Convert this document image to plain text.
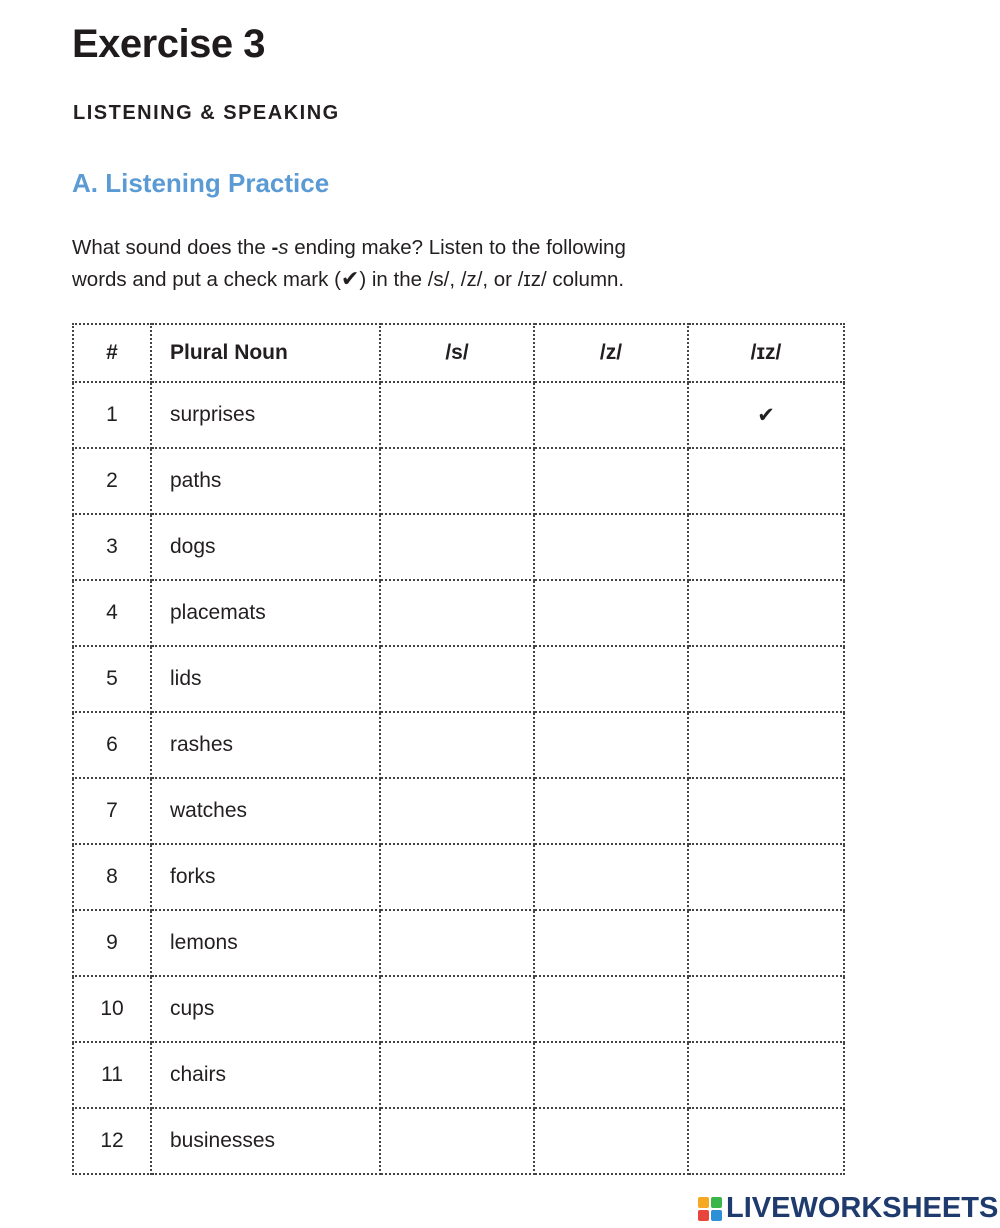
Exercise 3
LISTENING & SPEAKING
A. Listening Practice
What sound does the -s ending make? Listen to the following
words and put a check mark (✔) in the /s/, /z/, or /ɪz/ column.
#	Plural Noun	/s/	/z/	/ɪz/
1	surprises			✔
2	paths			
3	dogs			
4	placemats			
5	lids			
6	rashes			
7	watches			
8	forks			
9	lemons			
10	cups			
11	chairs			
12	businesses			
LIVEWORKSHEETS
